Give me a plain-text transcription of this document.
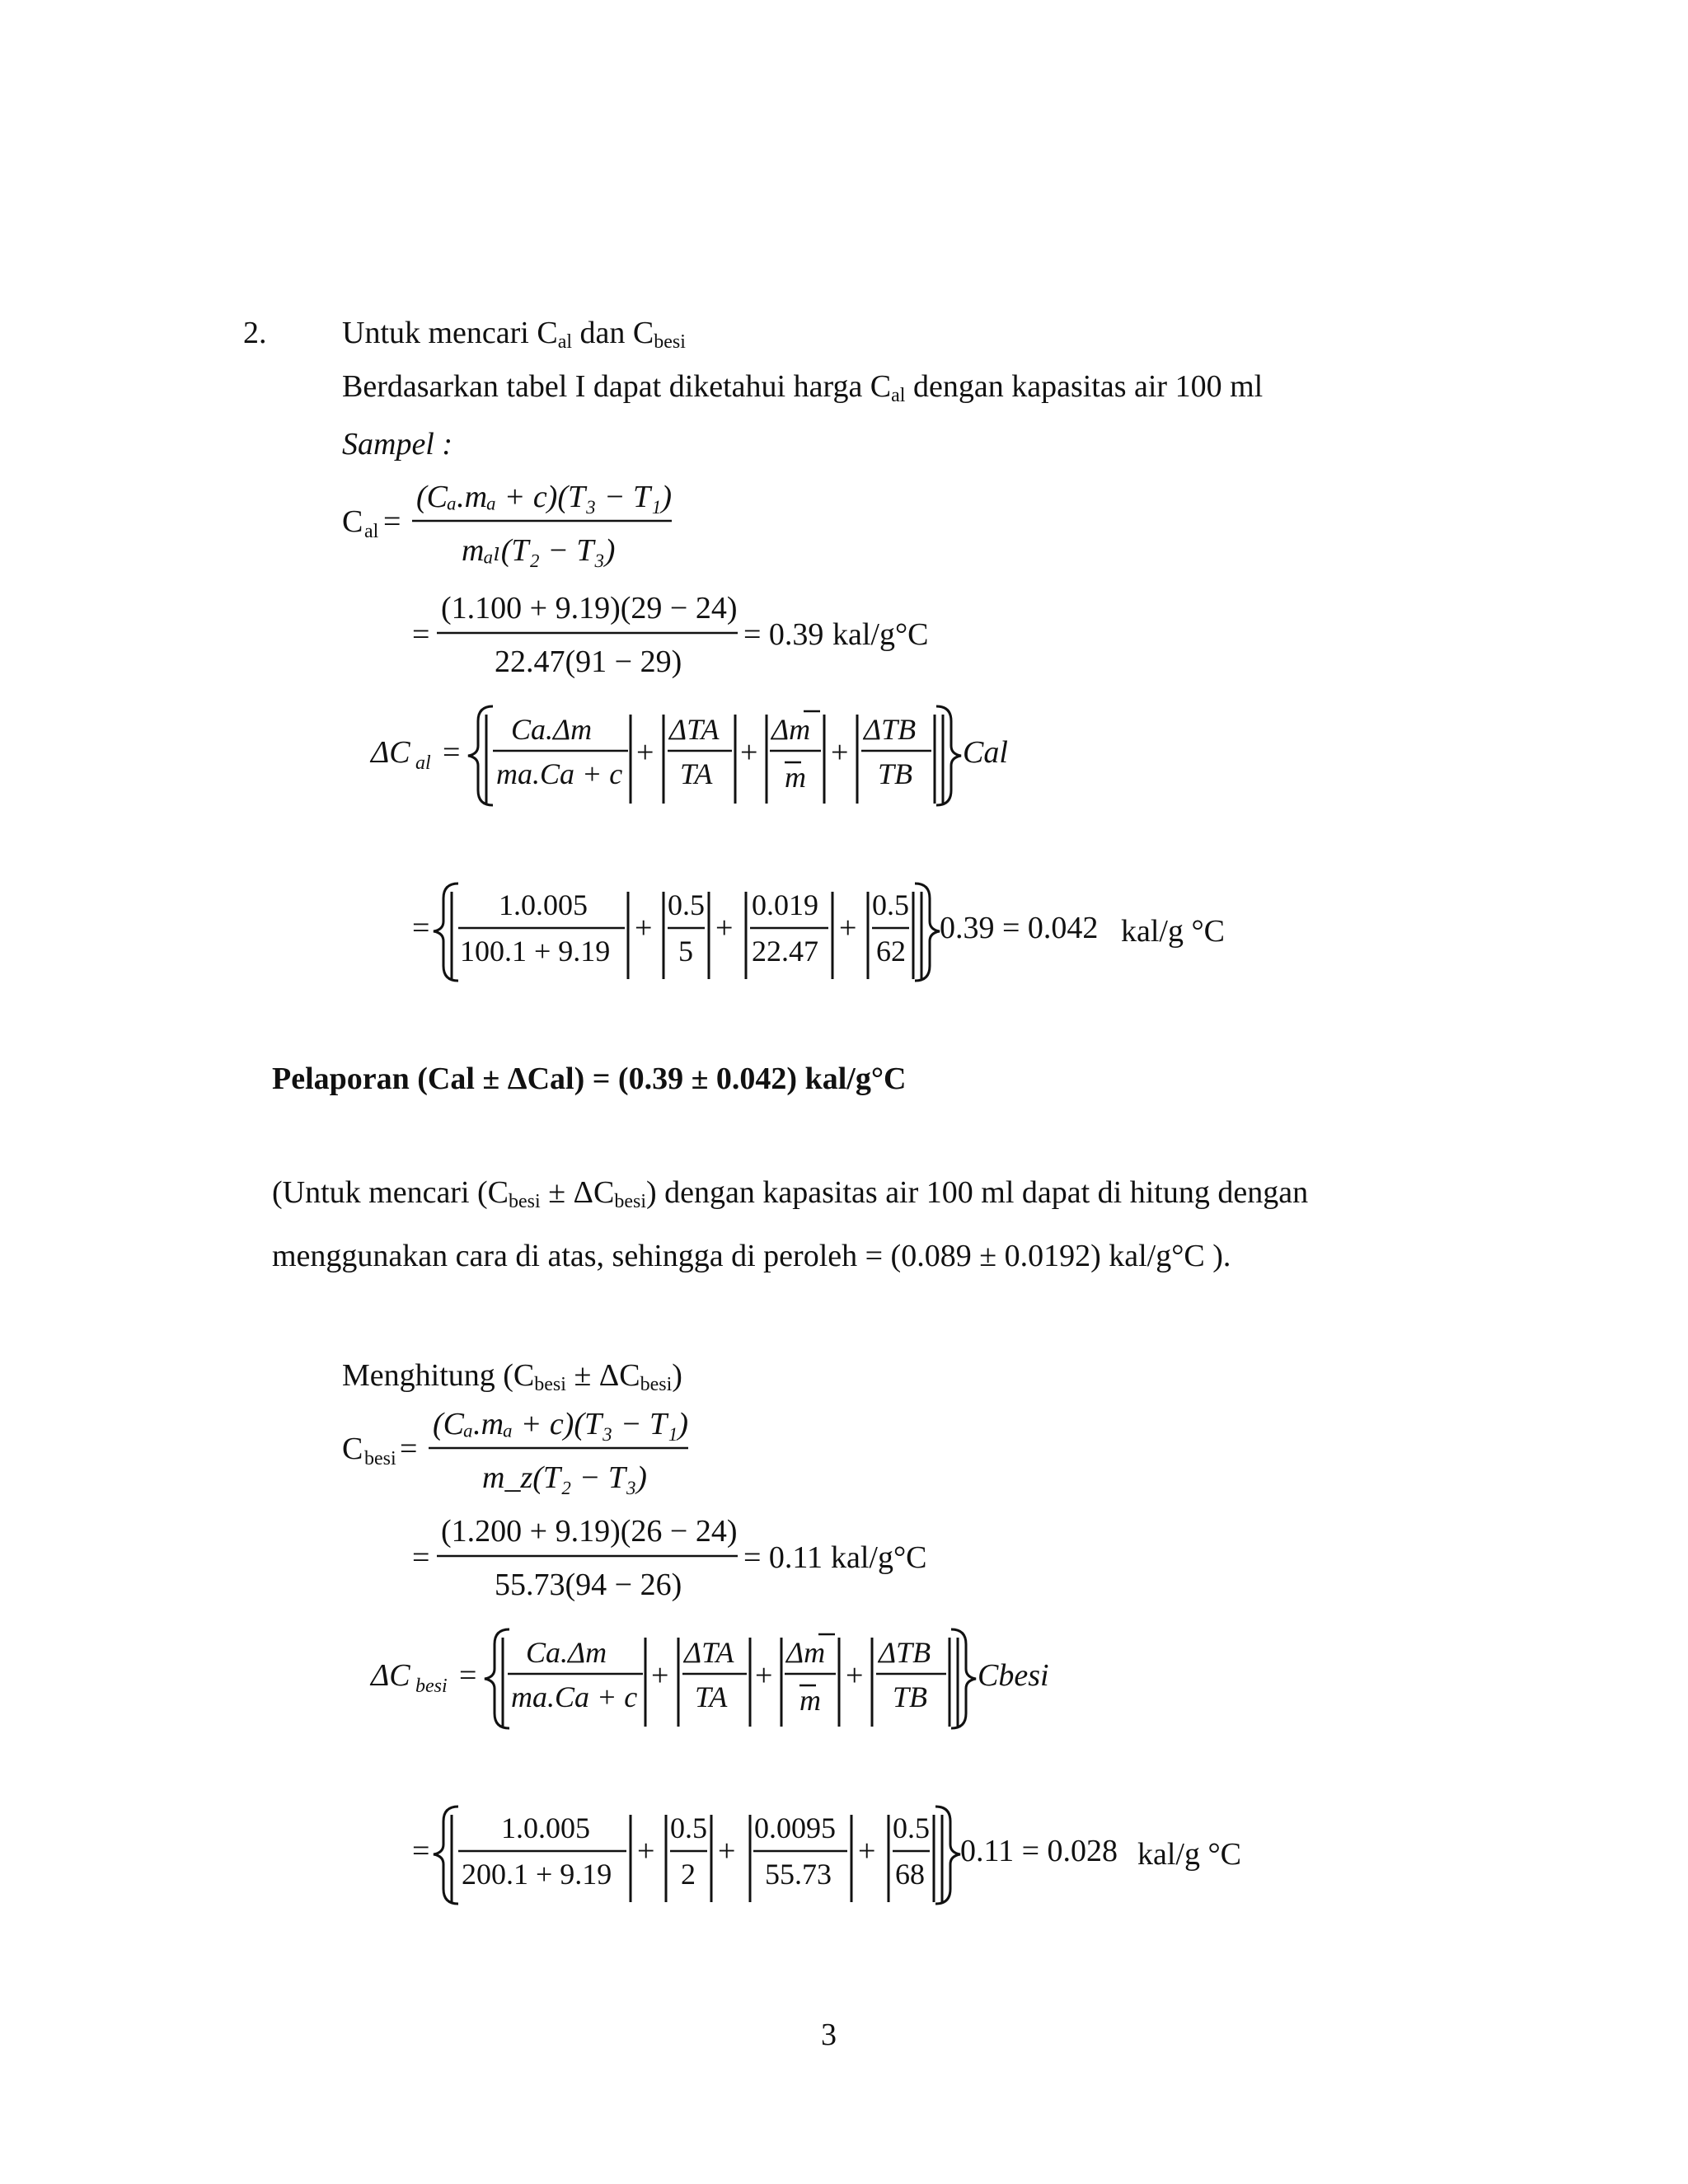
2. Untuk mencari $C_{al}$ dan $C_{besi}$
Berdasarkan tabel I dapat diketahui harga $C_{al}$ dengan kapasitas air 100 ml
Sampel :
C al =
(Cₐ.mₐ + c)(T₃ − T₁)
mₐₗ(T₂ − T₃)
=
(1.100 + 9.19)(29 − 24)
22.47(91 − 29)
= 0.39 kal/g°C
ΔC al =
Ca.Δm
ma.Ca + c
+
ΔTA
TA
+
Δm
m
+
ΔTB
TB
Cal
=
1.0.005
100.1 + 9.19
+
0.5
5
+
0.019
22.47
+
0.5
62
0.39 = 0.042 kal/g °C
Pelaporan (Cal ± ΔCal) = (0.39 ± 0.042) kal/g°C
(Untuk mencari $(C_{besi} \pm \Delta C_{besi})$ dengan kapasitas air 100 ml dapat di hitung dengan
menggunakan cara di atas, sehingga di peroleh = (0.089 ± 0.0192) kal/g°C ).
Menghitung $(C_{besi} \pm \Delta C_{besi})$
C besi =
(Cₐ.mₐ + c)(T₃ − T₁)
m_z(T₂ − T₃)
=
(1.200 + 9.19)(26 − 24)
55.73(94 − 26)
= 0.11 kal/g°C
ΔC besi =
Ca.Δm
ma.Ca + c
+
ΔTA
TA
+
Δm
m
+
ΔTB
TB
Cbesi
=
1.0.005
200.1 + 9.19
+
0.5
2
+
0.0095
55.73
+
0.5
68
0.11 = 0.028 kal/g °C
3
